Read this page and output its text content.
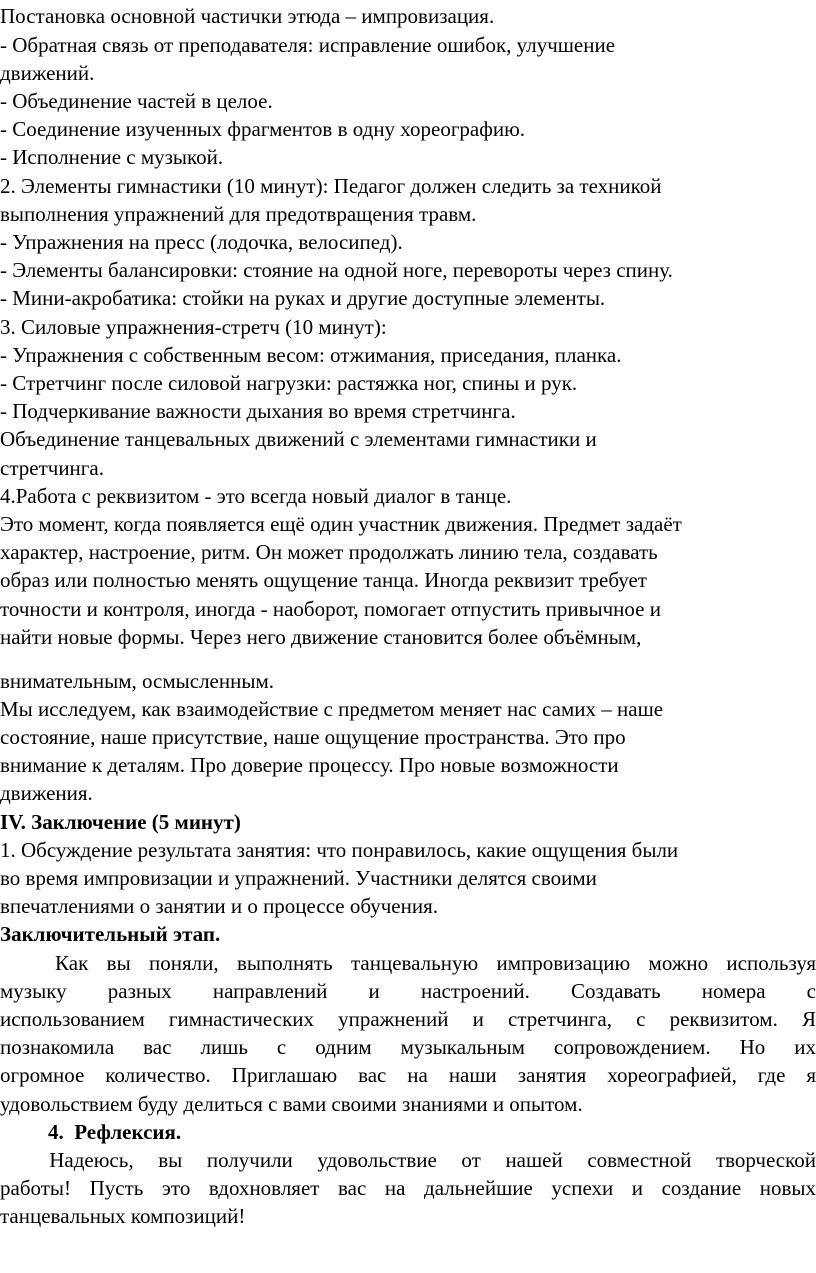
Постановка основной частички этюда – импровизация.
- Обратная связь от преподавателя: исправление ошибок, улучшение
движений.
- Объединение частей в целое.
- Соединение изученных фрагментов в одну хореографию.
- Исполнение с музыкой.
2. Элементы гимнастики (10 минут): Педагог должен следить за техникой
выполнения упражнений для предотвращения травм.
- Упражнения на пресс (лодочка, велосипед).
- Элементы балансировки: стояние на одной ноге, перевороты через спину.
- Мини-акробатика: стойки на руках и другие доступные элементы.
3. Силовые упражнения-стретч (10 минут):
- Упражнения с собственным весом: отжимания, приседания, планка.
- Стретчинг после силовой нагрузки: растяжка ног, спины и рук.
- Подчеркивание важности дыхания во время стретчинга.
Объединение танцевальных движений с элементами гимнастики и
стретчинга.
4.Работа с реквизитом - это всегда новый диалог в танце.
Это момент, когда появляется ещё один участник движения. Предмет задаёт
характер, настроение, ритм. Он может продолжать линию тела, создавать
образ или полностью менять ощущение танца. Иногда реквизит требует
точности и контроля, иногда - наоборот, помогает отпустить привычное и
найти новые формы. Через него движение становится более объёмным,
внимательным, осмысленным.
Мы исследуем, как взаимодействие с предметом меняет нас самих – наше
состояние, наше присутствие, наше ощущение пространства. Это про
внимание к деталям. Про доверие процессу. Про новые возможности
движения.
IV. Заключение (5 минут)
1. Обсуждение результата занятия: что понравилось, какие ощущения были
во время импровизации и упражнений. Участники делятся своими
впечатлениями о занятии и о процессе обучения.
Заключительный этап.
Как вы поняли, выполнять танцевальную импровизацию можно используя
музыку разных направлений и настроений. Создавать номера с
использованием гимнастических упражнений и стретчинга, с реквизитом. Я
познакомила вас лишь с одним музыкальным сопровождением. Но их
огромное количество. Приглашаю вас на наши занятия хореографией, где я
удовольствием буду делиться с вами своими знаниями и опытом.
4.  Рефлексия.
Надеюсь, вы получили удовольствие от нашей совместной творческой
работы! Пусть это вдохновляет вас на дальнейшие успехи и создание новых
танцевальных композиций!
